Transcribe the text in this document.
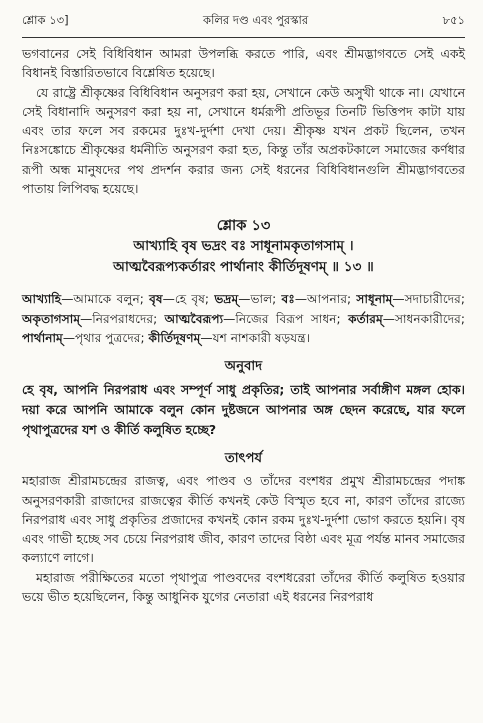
শ্লোক ১৩]	কলির দণ্ড এবং পুরস্কার	৮৫১

ভগবানের সেই বিধিবিধান আমরা উপলব্ধি করতে পারি, এবং শ্রীমদ্ভাগবতে সেই একই বিধানই বিস্তারিতভাবে বিশ্লেষিত হয়েছে।

যে রাষ্ট্রে শ্রীকৃষ্ণের বিধিবিধান অনুসরণ করা হয়, সেখানে কেউ অসুখী থাকে না। যেখানে সেই বিধানাদি অনুসরণ করা হয় না, সেখানে ধর্মরূপী প্রতিভূর তিনটি ভিত্তিপদ কাটা যায় এবং তার ফলে সব রকমের দুঃখ-দুর্দশা দেখা দেয়। শ্রীকৃষ্ণ যখন প্রকট ছিলেন, তখন নিঃসঙ্কোচে শ্রীকৃষ্ণের ধর্মনীতি অনুসরণ করা হত, কিন্তু তাঁর অপ্রকটকালে সমাজের কর্ণধার রূপী অন্ধ মানুষদের পথ প্রদর্শন করার জন্য সেই ধরনের বিধিবিধানগুলি শ্রীমদ্ভাগবতের পাতায় লিপিবদ্ধ হয়েছে।

শ্লোক ১৩
আখ্যাহি বৃষ ভদ্রং বঃ সাধূনামকৃতাগসাম্ ।
আত্মবৈরূপ্যকর্তারং পার্থানাং কীর্তিদূষণম্ ॥ ১৩ ॥
আখ্যাহি—আমাকে বলুন; বৃষ—হে বৃষ; ভদ্রম্—ভাল; বঃ—আপনার; সাধূনাম্—সদাচারীদের; অকৃতাগসাম্—নিরপরাধদের; আত্মবৈরূপ্য—নিজের বিরূপ সাধন; কর্তারম্—সাধনকারীদের; পার্থানাম্—পৃথার পুত্রদের; কীর্তিদূষণম্—যশ নাশকারী ষড়যন্ত্র।
অনুবাদ

হে বৃষ, আপনি নিরপরাধ এবং সম্পূর্ণ সাধু প্রকৃতির; তাই আপনার সর্বাঙ্গীণ মঙ্গল হোক। দয়া করে আপনি আমাকে বলুন কোন দুষ্টজনে আপনার অঙ্গ ছেদন করেছে, যার ফলে পৃথাপুত্রদের যশ ও কীর্তি কলুষিত হচ্ছে?

তাৎপর্য

মহারাজ শ্রীরামচন্দ্রের রাজত্ব, এবং পাণ্ডব ও তাঁদের বংশধর প্রমুখ শ্রীরামচন্দ্রের পদাঙ্ক অনুসরণকারী রাজাদের রাজত্বের কীর্তি কখনই কেউ বিস্মৃত হবে না, কারণ তাঁদের রাজ্যে নিরপরাধ এবং সাধু প্রকৃতির প্রজাদের কখনই কোন রকম দুঃখ-দুর্দশা ভোগ করতে হয়নি। বৃষ এবং গাভী হচ্ছে সব চেয়ে নিরপরাধ জীব, কারণ তাদের বিষ্ঠা এবং মূত্র পর্যন্ত মানব সমাজের কল্যাণে লাগে।

মহারাজ পরীক্ষিতের মতো পৃথাপুত্র পাণ্ডবদের বংশধরেরা তাঁদের কীর্তি কলুষিত হওয়ার ভয়ে ভীত হয়েছিলেন, কিন্তু আধুনিক যুগের নেতারা এই ধরনের নিরপরাধ
